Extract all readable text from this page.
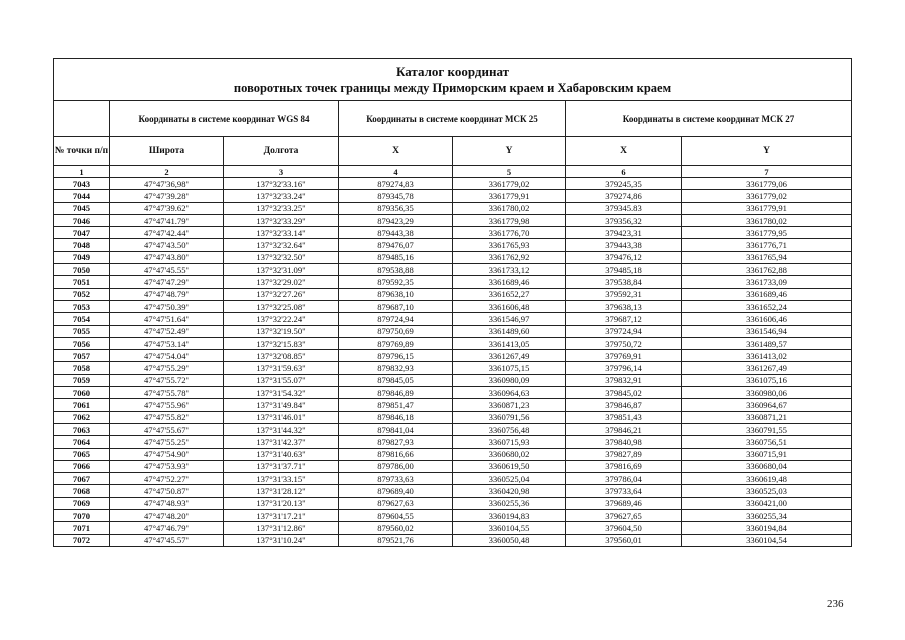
Каталог координат
поворотных точек границы между Приморским краем и Хабаровским краем						

	Координаты в системе координат WGS 84		Координаты в системе координат МСК 25		Координаты в системе координат МСК 27	
№ точки п/п	Широта	Долгота	X	Y	X	Y
1	2	3	4	5	6	7
7043	47°47'36,98"	137°32'33.16"	879274,83	3361779,02	379245,35	3361779,06
7044	47°47'39.28"	137°32'33.24"	879345,78	3361779,91	379274,86	3361779,02
7045	47°47'39.62"	137°32'33.25"	879356,35	3361780,02	379345.83	3361779,91
7046	47°47'41.79"	137°32'33.29"	879423,29	3361779,98	379356,32	3361780,02
7047	47°47'42.44"	137°32'33.14"	879443,38	3361776,70	379423,31	3361779,95
7048	47°47'43.50"	137°32'32.64"	879476,07	3361765,93	379443,38	3361776,71
7049	47°47'43.80"	137°32'32.50"	879485,16	3361762,92	379476,12	3361765,94
7050	47°47'45.55"	137°32'31.09"	879538,88	3361733,12	379485,18	3361762,88
7051	47°47'47.29"	137°32'29.02"	879592,35	3361689,46	379538,84	3361733,09
7052	47°47'48.79"	137°32'27.26"	879638,10	3361652,27	379592,31	3361689,46
7053	47°47'50.39"	137°32'25.08"	879687,10	3361606,48	379638,13	3361652,24
7054	47°47'51.64"	137°32'22.24"	879724,94	3361546,97	379687,12	3361606,46
7055	47°47'52.49"	137°32'19.50"	879750,69	3361489,60	379724,94	3361546,94
7056	47°47'53.14"	137°32'15.83"	879769,89	3361413,05	379750,72	3361489,57
7057	47°47'54.04"	137°32'08.85"	879796,15	3361267,49	379769,91	3361413,02
7058	47°47'55.29"	137°31'59.63"	879832,93	3361075,15	379796,14	3361267,49
7059	47°47'55.72"	137°31'55.07"	879845,05	3360980,09	379832,91	3361075,16
7060	47°47'55.78"	137°31'54.32"	879846,89	3360964,63	379845,02	3360980,06
7061	47°47'55.96"	137°31'49.84"	879851,47	3360871,23	379846,87	3360964,67
7062	47°47'55.82"	137°31'46.01"	879846,18	3360791,56	379851,43	3360871,21
7063	47°47'55.67"	137°31'44.32"	879841,04	3360756,48	379846,21	3360791,55
7064	47°47'55.25"	137°31'42.37"	879827,93	3360715,93	379840,98	3360756,51
7065	47°47'54.90"	137°31'40.63"	879816,66	3360680,02	379827,89	3360715,91
7066	47°47'53.93"	137°31'37.71"	879786,00	3360619,50	379816,69	3360680,04
7067	47°47'52.27"	137°31'33.15"	879733,63	3360525,04	379786,04	3360619,48
7068	47°47'50.87"	137°31'28.12"	879689,40	3360420,98	379733,64	3360525,03
7069	47°47'48.93"	137°31'20.13"	879627,63	3360255,36	379689,46	3360421,00
7070	47°47'48.20"	137°31'17.21"	879604,55	3360194,83	379627,65	3360255,34
7071	47°47'46.79"	137°31'12.86"	879560,02	3360104,55	379604,50	3360194,84
7072	47°47'45.57"	137°31'10.24"	879521,76	3360050,48	379560,01	3360104,54
236
